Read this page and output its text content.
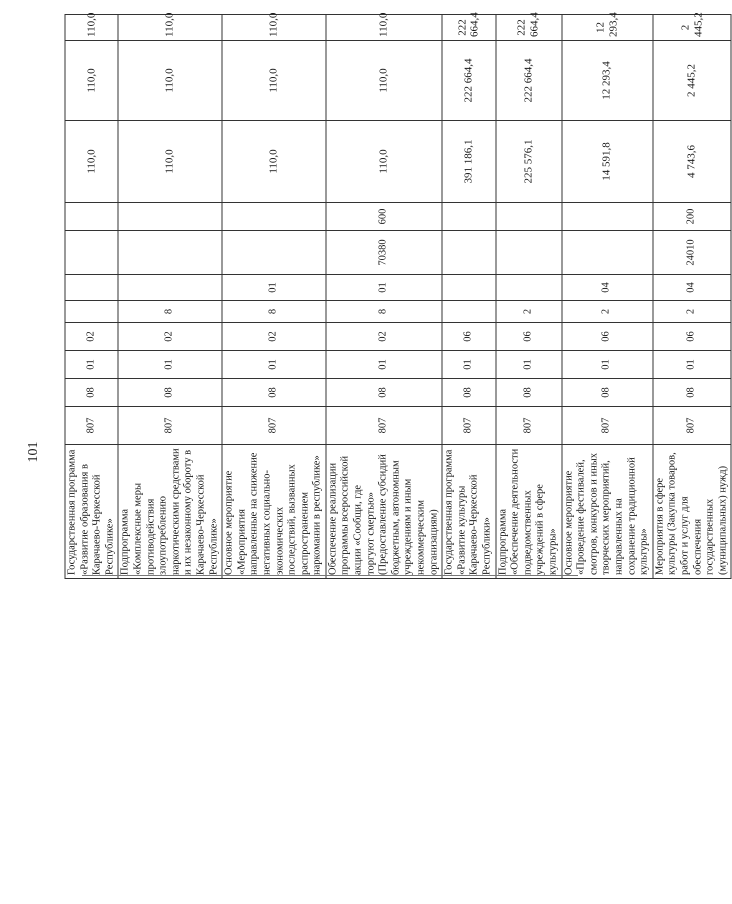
101 Государственная программа «Развитие образования в Карачаево-Черкесской Республике»	807	08	01	02					110,0	110,0	110,0
Подпрограмма «Комплексные меры противодействия злоупотреблению наркотическими средствами и их незаконному обороту в Карачаево-Черкесской Республике»	807	08	01	02	8				110,0	110,0	110,0
Основное мероприятие «Мероприятия направленные на снижение негативных социально-экономических последствий, вызванных распространением наркомании в республике»	807	08	01	02	8	01			110,0	110,0	110,0
Обеспечение реализации программы всероссийской акции «Сообщи, где торгуют смертью» (Предоставление субсидий бюджетным, автономным учреждениям и иным некоммерческим организациям)	807	08	01	02	8	01	70380	600	110,0	110,0	110,0
Государственная программа «Развитие культуры Карачаево-Черкесской Республики»	807	08	01	06					391 186,1	222 664,4	222 664,4
Подпрограмма «Обеспечение деятельности подведомственных учреждений в сфере культуры»	807	08	01	06	2				225 576,1	222 664,4	222 664,4
Основное мероприятие «Проведение фестивалей, смотров, конкурсов и иных творческих мероприятий, направленных на сохранение традиционной культуры»	807	08	01	06	2	04			14 591,8	12 293,4	12 293,4
Мероприятия в сфере культуры (Закупка товаров, работ и услуг для обеспечения государственных (муниципальных) нужд)	807	08	01	06	2	04	24010	200	4 743,6	2 445,2	2 445,2
